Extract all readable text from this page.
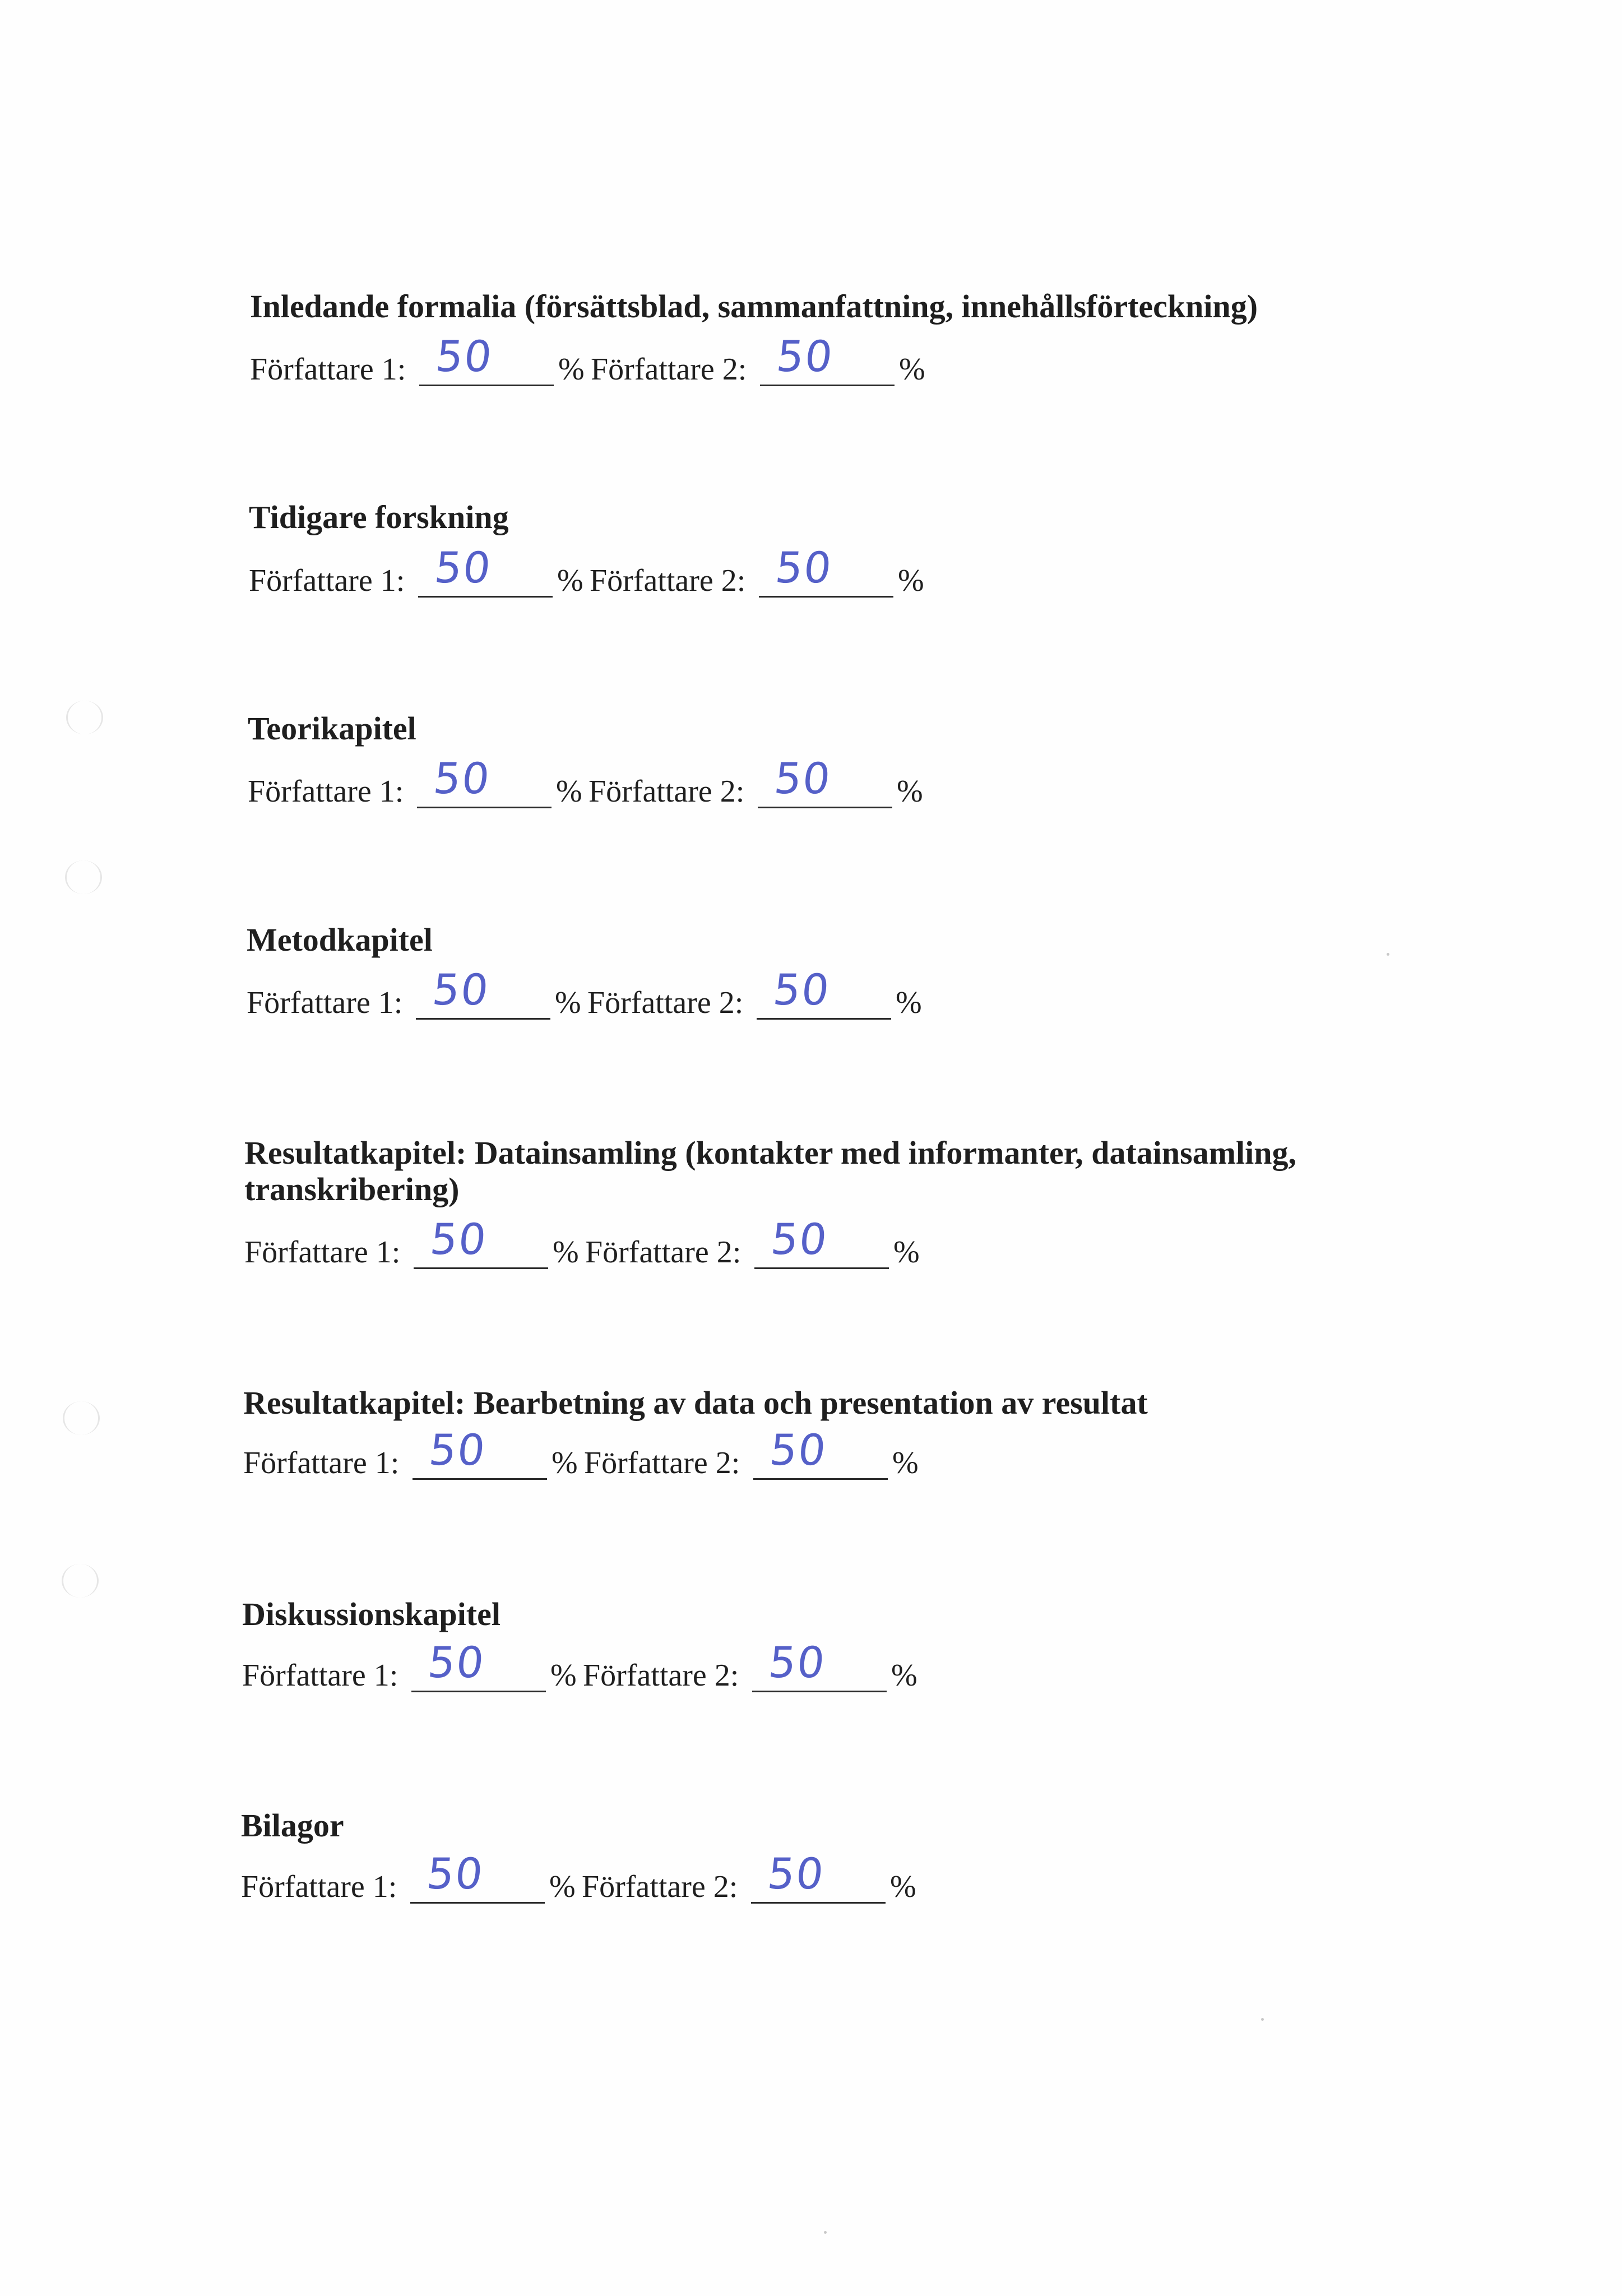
Inledande formalia (försättsblad, sammanfattning, innehållsförteckning)
Författare 1: 50 % Författare 2: 50 %
Tidigare forskning
Författare 1: 50 % Författare 2: 50 %
Teorikapitel
Författare 1: 50 % Författare 2: 50 %
Metodkapitel
Författare 1: 50 % Författare 2: 50 %
Resultatkapitel: Datainsamling (kontakter med informanter, datainsamling,
transkribering)
Författare 1: 50 % Författare 2: 50 %
Resultatkapitel: Bearbetning av data och presentation av resultat
Författare 1: 50 % Författare 2: 50 %
Diskussionskapitel
Författare 1: 50 % Författare 2: 50 %
Bilagor
Författare 1: 50 % Författare 2: 50 %
